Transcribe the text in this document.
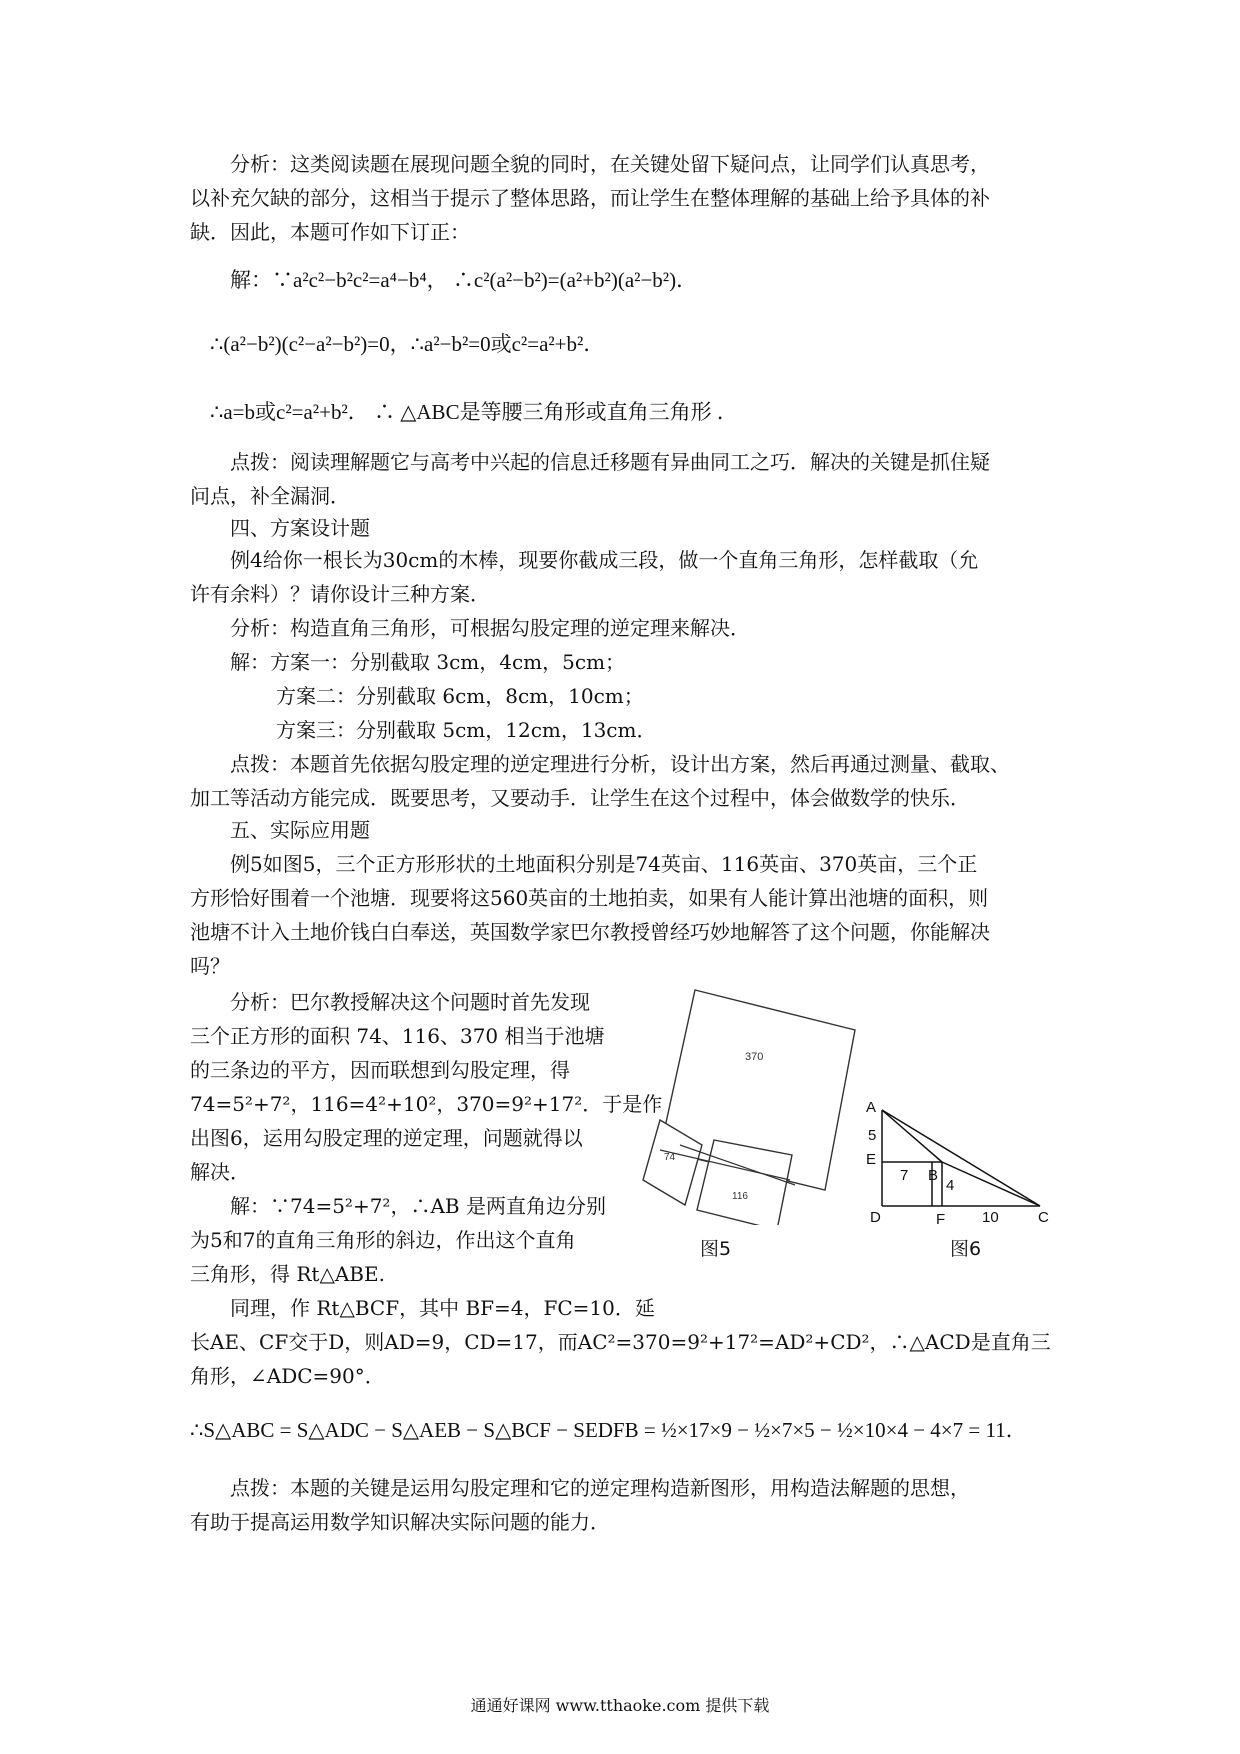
分析：这类阅读题在展现问题全貌的同时，在关键处留下疑问点，让同学们认真思考，
以补充欠缺的部分，这相当于提示了整体思路，而让学生在整体理解的基础上给予具体的补
缺．因此，本题可作如下订正：
解：∵a²c²−b²c²=a⁴−b⁴， ∴c²(a²−b²)=(a²+b²)(a²−b²)．
∴(a²−b²)(c²−a²−b²)=0，∴a²−b²=0或c²=a²+b²．
∴a=b或c²=a²+b²． ∴ △ABC是等腰三角形或直角三角形 ．
点拨：阅读理解题它与高考中兴起的信息迁移题有异曲同工之巧．解决的关键是抓住疑
问点，补全漏洞．
四、方案设计题
例4给你一根长为30cm的木棒，现要你截成三段，做一个直角三角形，怎样截取（允
许有余料）？请你设计三种方案．
分析：构造直角三角形，可根据勾股定理的逆定理来解决．
解：方案一：分别截取 3cm，4cm，5cm；
方案二：分别截取 6cm，8cm，10cm；
方案三：分别截取 5cm，12cm，13cm．
点拨：本题首先依据勾股定理的逆定理进行分析，设计出方案，然后再通过测量、截取、
加工等活动方能完成．既要思考，又要动手．让学生在这个过程中，体会做数学的快乐．
五、实际应用题
例5如图5，三个正方形形状的土地面积分别是74英亩、116英亩、370英亩，三个正
方形恰好围着一个池塘．现要将这560英亩的土地拍卖，如果有人能计算出池塘的面积，则
池塘不计入土地价钱白白奉送，英国数学家巴尔教授曾经巧妙地解答了这个问题，你能解决
吗？
分析：巴尔教授解决这个问题时首先发现
三个正方形的面积 74、116、370 相当于池塘
的三条边的平方，因而联想到勾股定理，得
74=5²+7²，116=4²+10²，370=9²+17²．于是作
出图6，运用勾股定理的逆定理，问题就得以
解决．
解：∵74=5²+7²，∴AB 是两直角边分别
为5和7的直角三角形的斜边，作出这个直角
三角形，得 Rt△ABE.
同理，作 Rt△BCF，其中 BF=4，FC=10．延
长AE、CF交于D，则AD=9，CD=17，而AC²=370=9²+17²=AD²+CD²，∴△ACD是直角三
角形，∠ADC=90°．
∴S△ABC = S△ADC − S△AEB − S△BCF − SEDFB = ½×17×9 − ½×7×5 − ½×10×4 − 4×7 = 11．
点拨：本题的关键是运用勾股定理和它的逆定理构造新图形，用构造法解题的思想，
有助于提高运用数学知识解决实际问题的能力．
370
74
116
图5
A
E
B
D	F	C
5
7
4
10
图6
通通好课网 www.tthaoke.com 提供下载
